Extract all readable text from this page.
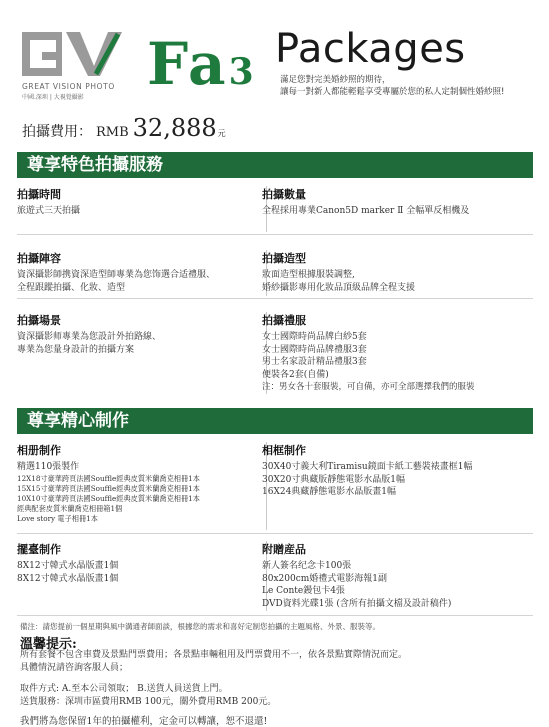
GREAT VISION PHOTO
中國.深圳 | 大視覺攝影	Fa3 Packages
滿足您對完美婚紗照的期待，
讓每一對新人都能輕鬆享受專屬於您的私人定制個性婚紗照!
拍攝費用： RMB 32,888 元
尊享特色拍攝服務
拍攝時間
旅遊式三天拍攝
拍攝數量
全程採用專業Canon5D marker Ⅱ 全幅單反相機及
拍攝陣容
資深攝影師携資深造型師專業為您饰選合适禮服、
全程跟蹤拍攝、化妝、造型
拍攝造型
妝面造型根據服裝調整,
婚紗攝影專用化妝品頂級品牌全程支援
拍攝場景
資深攝影师專業為您設計外拍路線、
專業為您量身設計的拍攝方案
拍攝禮服
女士國際時尚品牌白紗5套
女士國際時尚品牌禮服3套
男士名家設計精品禮服3套
便裝各2套(自備)
注：男女各十套服裝，可自備，亦可全部選擇我們的服裝
尊享精心制作
相册制作
精選110張製作
12X18寸豪華跨頁法國Souffle經典皮質米蘭喬克相冊1本
15X15寸豪華跨頁法國Souffle經典皮質米蘭喬克相冊1本
10X10寸豪華跨頁法國Souffle經典皮質米蘭喬克相冊1本
經典配套皮質米蘭喬克相冊箱1個
Love story 電子相冊1本
相框制作
30X40寸義大利Tiramisu鏡面卡紙工藝裝裱畫框1幅
30X20寸典藏版靜態電影水晶版1幅
16X24典藏靜態電影水晶版畫1幅
擺臺制作
8X12寸韓式水晶版畫1個
8X12寸韓式水晶版畫1個
附贈産品
新人簽名纪念卡100張
80x200cm婚禮式電影海報1副
Le Conte鏝包卡4張
DVD資料光碟1張 (含所有拍攝文檔及設計稿件)
備注：請您提前一個星期與風中溝通者師面談，根據您的需求和喜好定制您拍攝的主題風格、外景、服裝等。
溫馨提示:
所有套餐不包含車費及景點門票費用；各景點車輛租用及門票費用不一，依各景點實際情況而定。
具體情況請咨詢客服人員；
取件方式: A.至本公司領取； B.送貨人員送貨上門。
送貨服務：深圳市區費用RMB 100元，關外費用RMB 200元。
我們將為您保留1年的拍攝權利，定金可以轉讓，恕不退還!
